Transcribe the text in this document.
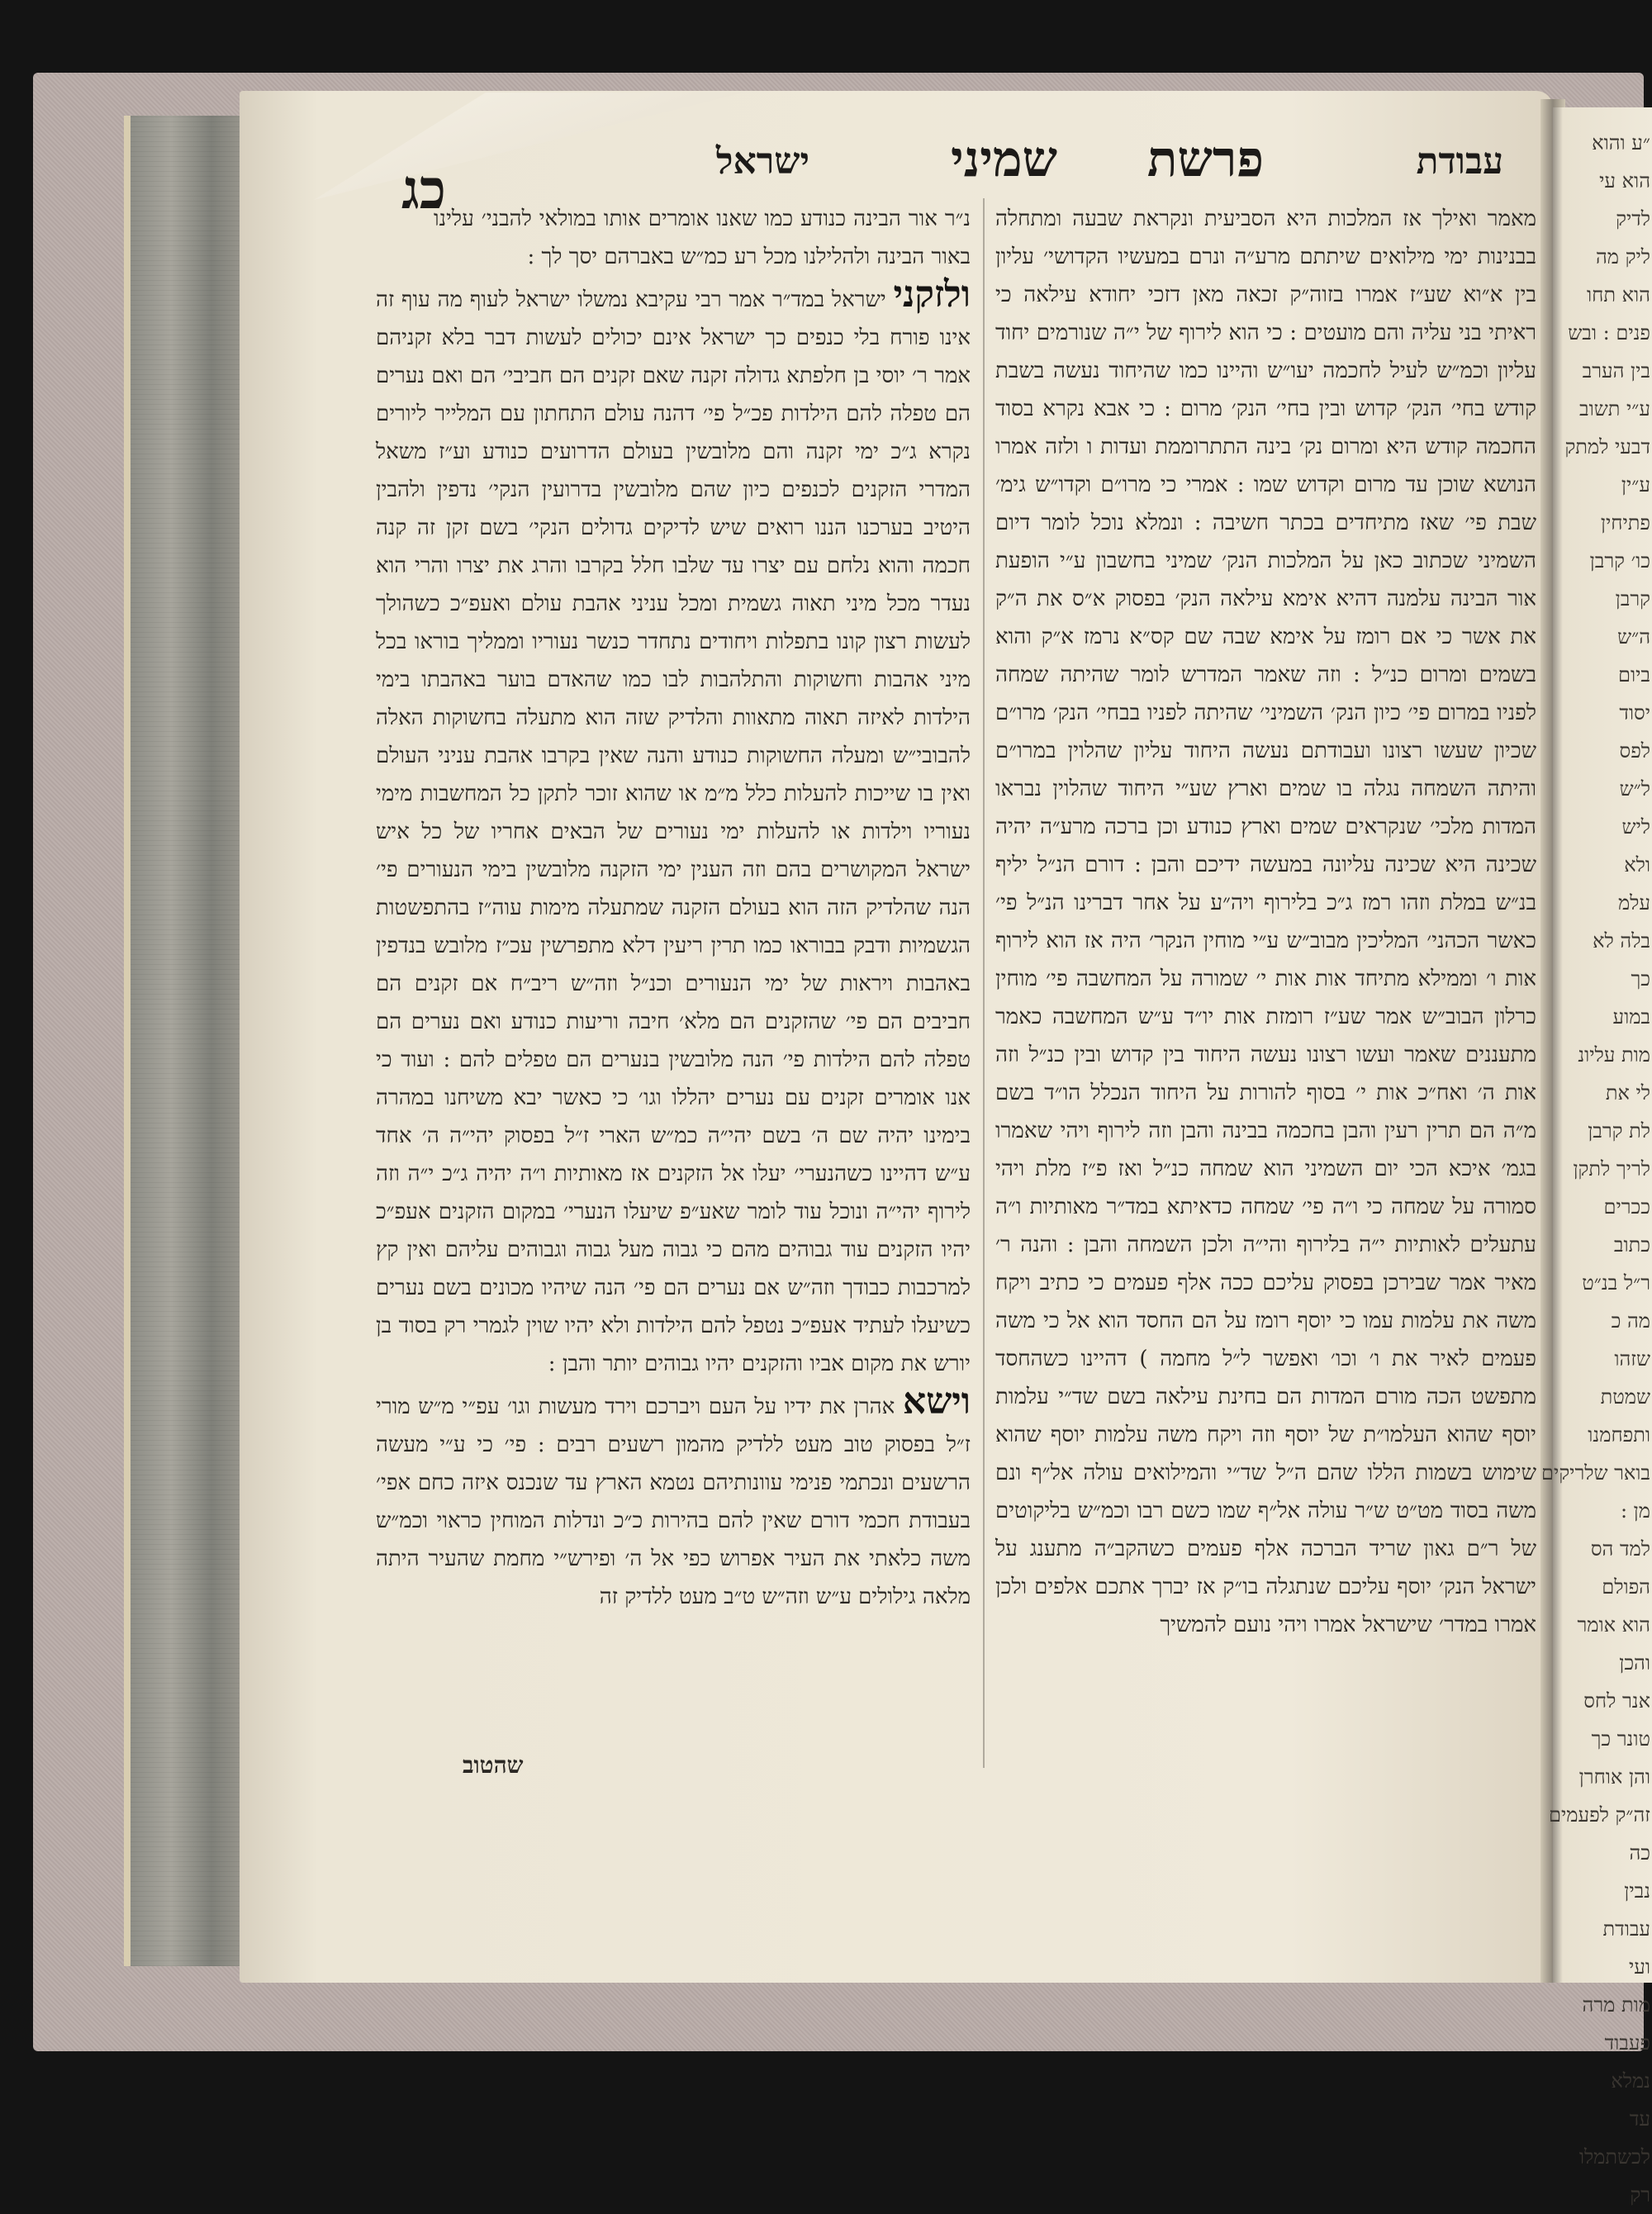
״ע והוא
הוא עי
לדיק
ליק מה
הוא תחו
פנים : ובש
בין הערב
ע״י תשוב
דבעי למתק
ע״ין
פתיחין
כו׳ קרבן
קרבן
ה״ש
ביום
יסוד
לפס
ל״ש
ליש
ולא
עלמ
בלה לא
כך
במוע
מות עליונ
לי את
לת קרבן
לריך לתקן
ככרים
כתוב
ר״ל בנ״ט
מה כ
שזהו
שמטת
ותפחמנו
בואר שלריקים
מן :
למד הס
הפולם
הוא אומר
והכן
אנר לחס
טונר כך
והן אוחרן
זה״ק לפעמים
כה
נבין
עבודת
ועי
מות מרה
פעבוד
נמלא
עד
לכשתמלו
רק
עבודת
פרשת
שמיני
ישראל
כג	מאמר ואילך אז המלכות היא הסביעית ונקראת שבעה ומתחלה בבנינות ימי מילואים שיתתם מרע״ה ונרם במעשיו הקדושי׳ עליון בין א״וא שע״ז אמרו בזוה״ק זכאה מאן דזכי יחודא עילאה כי ראיתי בני עליה והם מועטים : כי הוא לירוף של י״ה שנורמים יחוד עליון וכמ״ש לעיל לחכמה יעו״ש והיינו כמו שהיחוד נעשה בשבת קודש בחי׳ הנק׳ קדוש ובין בחי׳ הנק׳ מרום : כי אבא נקרא בסוד החכמה קודש היא ומרום נק׳ בינה התתרוממת ועדות ו ולזה אמרו הנושא שוכן עד מרום וקדוש שמו : אמרי כי מרו״ם וקדו״ש גימ׳ שבת פי׳ שאז מתיחדים בכתר חשיבה : ונמלא נוכל לומר דיום השמיני שכתוב כאן על המלכות הנק׳ שמיני בחשבון ע״י הופעת אור הבינה עלמנה דהיא אימא עילאה הנק׳ בפסוק א״ס את ה״ק את אשר כי אם רומז על אימא שבה שם קס״א נרמז א״ק והוא בשמים ומרום כנ״ל : וזה שאמר המדרש לומר שהיתה שמחה לפניו במרום פי׳ כיון הנק׳ השמיני׳ שהיתה לפניו בבחי׳ הנק׳ מרו״ם שכיון שעשו רצונו ועבודתם נעשה היחוד עליון שהלוין במרו״ם והיתה השמחה נגלה בו שמים וארץ שע״י היחוד שהלוין נבראו המדות מלכי׳ שנקראים שמים וארץ כנודע וכן ברכה מרע״ה יהיה שכינה היא שכינה עליונה במעשה ידיכם והבן : דורם הנ״ל יליף בנ״ש במלת וזהו רמז ג״כ בלירוף ויה״ע על אחר דברינו הנ״ל פי׳ כאשר הכהני׳ המליכין מבוב״ש ע״י מוחין הנקר׳ היה אז הוא לירוף אות ו׳ וממילא מתיחד אות אות י׳ שמורה על המחשבה פי׳ מוחין כרלון הבוב״ש אמר שע״ז רומזת אות יו״ד ע״ש המחשבה כאמר מתעננים שאמר ועשו רצונו נעשה היחוד בין קדוש ובין כנ״ל וזה אות ה׳ ואח״כ אות י׳ בסוף להורות על היחוד הנכלל הו״ד בשם מ״ה הם תרין רעין והבן בחכמה בבינה והבן וזה לירוף ויהי שאמרו בגמ׳ איכא הכי יום השמיני הוא שמחה כנ״ל ואז פ״ז מלת ויהי סמורה על שמחה כי ו״ה פי׳ שמחה כדאיתא במד״ר מאותיות ו״ה עתעלים לאותיות י״ה בלירוף והי״ה ולכן השמחה והבן : והנה ר׳ מאיר אמר שבירכן בפסוק עליכם ככה אלף פעמים כי כתיב ויקח משה את עלמות עמו כי יוסף רומז על הם החסד הוא אל כי משה פעמים לאיר את ו׳ וכו׳ ואפשר ל״ל מחמה ) דהיינו כשהחסד מתפשט הכה מורם המדות הם בחינת עילאה בשם שד״י עלמות יוסף שהוא העלמו״ת של יוסף וזה ויקח משה עלמות יוסף שהוא שימוש בשמות הללו שהם ה״ל שד״י והמילואים עולה אל״ף ונם משה בסוד מט״ט ש״ר עולה אל״ף שמו כשם רבו וכמ״ש בליקוטים של ר״ם גאון שריד הברכה אלף פעמים כשהקב״ה מתענג על ישראל הנק׳ יוסף עליכם שנתגלה בו״ק אז יברך אתכם אלפים ולכן אמרו במדר׳ שישראל אמרו ויהי נועם להמשיך

נ״ר אור הבינה כנודע כמו שאנו אומרים אותו במולאי להבני׳ עלינו באור הבינה ולהלילנו מכל רע כמ״ש באברהם יסך לך :

ולזקני ישראל במד״ר אמר רבי עקיבא נמשלו ישראל לעוף מה עוף זה אינו פורח בלי כנפים כך ישראל אינם יכולים לעשות דבר בלא זקניהם אמר ר׳ יוסי בן חלפתא גדולה זקנה שאם זקנים הם חביבי׳ הם ואם נערים הם טפלה להם הילדות פכ״ל פי׳ דהנה עולם התחתון עם המלייר ליורים נקרא ג״כ ימי זקנה והם מלובשין בעולם הדרועים כנודע וע״ז משאל המדרי הזקנים לכנפים כיון שהם מלובשין בדרועין הנקי׳ נדפין ולהבין היטיב בערכנו הננו רואים שיש לדיקים גדולים הנקי׳ בשם זקן זה קנה חכמה והוא נלחם עם יצרו עד שלבו חלל בקרבו והרג את יצרו והרי הוא נעדר מכל מיני תאוה גשמית ומכל עניני אהבת עולם ואעפ״כ כשהולך לעשות רצון קונו בתפלות ויחודים נתחדר כנשר נעוריו וממליך בוראו בכל מיני אהבות וחשוקות והתלהבות לבו כמו שהאדם בוער באהבתו בימי הילדות לאיזה תאוה מתאוות והלדיק שזה הוא מתעלה בחשוקות האלה להבובי״ש ומעלה החשוקות כנודע והנה שאין בקרבו אהבת עניני העולם ואין בו שייכות להעלות כלל מ״מ או שהוא זוכר לתקן כל המחשבות מימי נעוריו וילדות או להעלות ימי נעורים של הבאים אחריו של כל איש ישראל המקושרים בהם וזה הענין ימי הזקנה מלובשין בימי הנעורים פי׳ הנה שהלדיק הזה הוא בעולם הזקנה שמתעלה מימות עוה״ז בהתפשטות הגשמיות ודבק בבוראו כמו תרין ריעין דלא מתפרשין עכ״ז מלובש בנדפין באהבות ויראות של ימי הנעורים וכנ״ל וזה״ש ריב״ח אם זקנים הם חביבים הם פי׳ שהזקנים הם מלא׳ חיבה וריעות כנודע ואם נערים הם טפלה להם הילדות פי׳ הנה מלובשין בנערים הם טפלים להם : ועוד כי אנו אומרים זקנים עם נערים יהללו וגו׳ כי כאשר יבא משיחנו במהרה בימינו יהיה שם ה׳ בשם יהי״ה כמ״ש הארי ז״ל בפסוק יהי״ה ה׳ אחד ע״ש דהיינו כשהנערי׳ יעלו אל הזקנים אז מאותיות ו״ה יהיה ג״כ י״ה וזה לירוף יהי״ה ונוכל עוד לומר שאע״פ שיעלו הנערי׳ במקום הזקנים אעפ״כ יהיו הזקנים עוד גבוהים מהם כי גבוה מעל גבוה וגבוהים עליהם ואין קץ למרכבות כבודך וזה״ש אם נערים הם פי׳ הנה שיהיו מכונים בשם נערים כשיעלו לעתיד אעפ״כ נטפל להם הילדות ולא יהיו שוין לגמרי רק בסוד בן יורש את מקום אביו והזקנים יהיו גבוהים יותר והבן :

וישא אהרן את ידיו על העם ויברכם וירד מעשות וגו׳ עפ״י מ״ש מורי ז״ל בפסוק טוב מעט ללדיק מהמון רשעים רבים : פי׳ כי ע״י מעשה הרשעים ונכתמי פנימי עוונותיהם נטמא הארץ עד שנכנס איזה כחם אפי׳ בעבודת חכמי דורם שאין להם בהירות כ״כ ונדלות המוחין כראוי וכמ״ש משה כלאתי את העיר אפרוש כפי אל ה׳ ופירש״י מחמת שהעיר היתה מלאה גילולים ע״ש וזה״ש ט״ב מעט ללדיק זה

שהטוב
